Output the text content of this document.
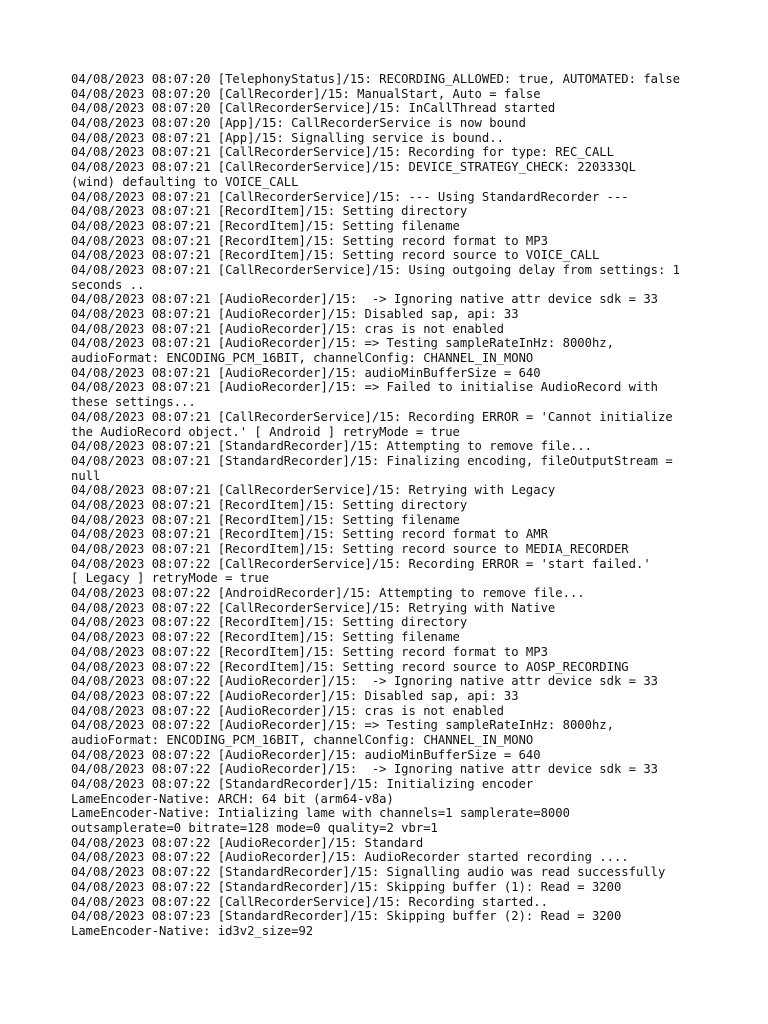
04/08/2023 08:07:20 [TelephonyStatus]/15: RECORDING_ALLOWED: true, AUTOMATED: false
04/08/2023 08:07:20 [CallRecorder]/15: ManualStart, Auto = false
04/08/2023 08:07:20 [CallRecorderService]/15: InCallThread started
04/08/2023 08:07:20 [App]/15: CallRecorderService is now bound
04/08/2023 08:07:21 [App]/15: Signalling service is bound..
04/08/2023 08:07:21 [CallRecorderService]/15: Recording for type: REC_CALL
04/08/2023 08:07:21 [CallRecorderService]/15: DEVICE_STRATEGY_CHECK: 220333QL
(wind) defaulting to VOICE_CALL
04/08/2023 08:07:21 [CallRecorderService]/15: --- Using StandardRecorder ---
04/08/2023 08:07:21 [RecordItem]/15: Setting directory
04/08/2023 08:07:21 [RecordItem]/15: Setting filename
04/08/2023 08:07:21 [RecordItem]/15: Setting record format to MP3
04/08/2023 08:07:21 [RecordItem]/15: Setting record source to VOICE_CALL
04/08/2023 08:07:21 [CallRecorderService]/15: Using outgoing delay from settings: 1
seconds ..
04/08/2023 08:07:21 [AudioRecorder]/15:  -> Ignoring native attr device sdk = 33
04/08/2023 08:07:21 [AudioRecorder]/15: Disabled sap, api: 33
04/08/2023 08:07:21 [AudioRecorder]/15: cras is not enabled
04/08/2023 08:07:21 [AudioRecorder]/15: => Testing sampleRateInHz: 8000hz,
audioFormat: ENCODING_PCM_16BIT, channelConfig: CHANNEL_IN_MONO
04/08/2023 08:07:21 [AudioRecorder]/15: audioMinBufferSize = 640
04/08/2023 08:07:21 [AudioRecorder]/15: => Failed to initialise AudioRecord with
these settings...
04/08/2023 08:07:21 [CallRecorderService]/15: Recording ERROR = 'Cannot initialize
the AudioRecord object.' [ Android ] retryMode = true
04/08/2023 08:07:21 [StandardRecorder]/15: Attempting to remove file...
04/08/2023 08:07:21 [StandardRecorder]/15: Finalizing encoding, fileOutputStream =
null
04/08/2023 08:07:21 [CallRecorderService]/15: Retrying with Legacy
04/08/2023 08:07:21 [RecordItem]/15: Setting directory
04/08/2023 08:07:21 [RecordItem]/15: Setting filename
04/08/2023 08:07:21 [RecordItem]/15: Setting record format to AMR
04/08/2023 08:07:21 [RecordItem]/15: Setting record source to MEDIA_RECORDER
04/08/2023 08:07:22 [CallRecorderService]/15: Recording ERROR = 'start failed.'
[ Legacy ] retryMode = true
04/08/2023 08:07:22 [AndroidRecorder]/15: Attempting to remove file...
04/08/2023 08:07:22 [CallRecorderService]/15: Retrying with Native
04/08/2023 08:07:22 [RecordItem]/15: Setting directory
04/08/2023 08:07:22 [RecordItem]/15: Setting filename
04/08/2023 08:07:22 [RecordItem]/15: Setting record format to MP3
04/08/2023 08:07:22 [RecordItem]/15: Setting record source to AOSP_RECORDING
04/08/2023 08:07:22 [AudioRecorder]/15:  -> Ignoring native attr device sdk = 33
04/08/2023 08:07:22 [AudioRecorder]/15: Disabled sap, api: 33
04/08/2023 08:07:22 [AudioRecorder]/15: cras is not enabled
04/08/2023 08:07:22 [AudioRecorder]/15: => Testing sampleRateInHz: 8000hz,
audioFormat: ENCODING_PCM_16BIT, channelConfig: CHANNEL_IN_MONO
04/08/2023 08:07:22 [AudioRecorder]/15: audioMinBufferSize = 640
04/08/2023 08:07:22 [AudioRecorder]/15:  -> Ignoring native attr device sdk = 33
04/08/2023 08:07:22 [StandardRecorder]/15: Initializing encoder
LameEncoder-Native: ARCH: 64 bit (arm64-v8a)
LameEncoder-Native: Intializing lame with channels=1 samplerate=8000
outsamplerate=0 bitrate=128 mode=0 quality=2 vbr=1
04/08/2023 08:07:22 [AudioRecorder]/15: Standard
04/08/2023 08:07:22 [AudioRecorder]/15: AudioRecorder started recording ....
04/08/2023 08:07:22 [StandardRecorder]/15: Signalling audio was read successfully
04/08/2023 08:07:22 [StandardRecorder]/15: Skipping buffer (1): Read = 3200
04/08/2023 08:07:22 [CallRecorderService]/15: Recording started..
04/08/2023 08:07:23 [StandardRecorder]/15: Skipping buffer (2): Read = 3200
LameEncoder-Native: id3v2_size=92
